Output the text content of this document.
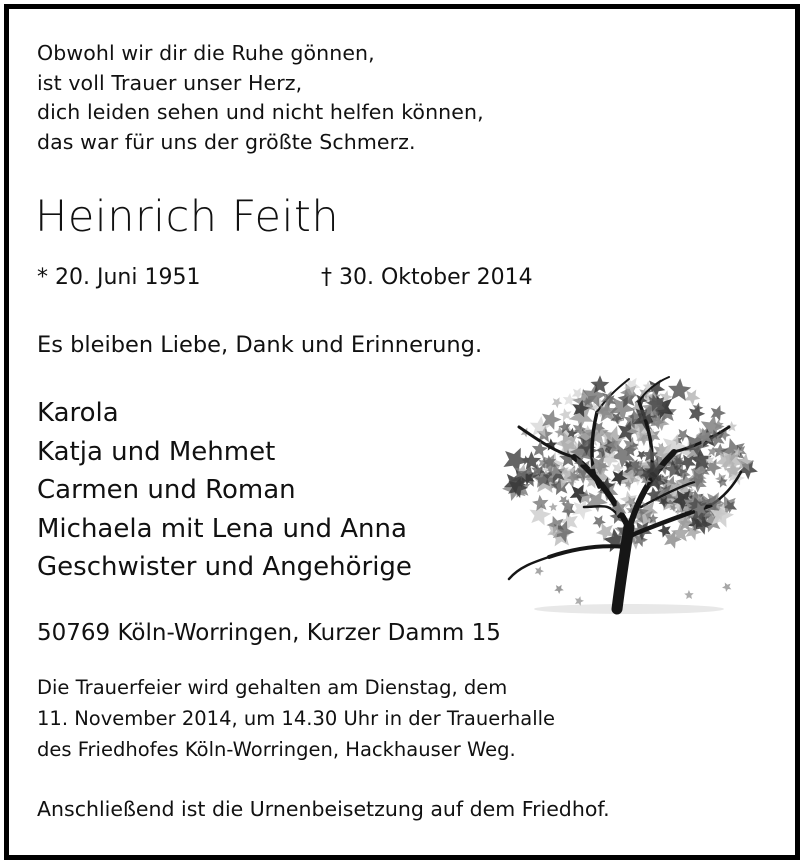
Obwohl wir dir die Ruhe gönnen,
ist voll Trauer unser Herz,
dich leiden sehen und nicht helfen können,
das war für uns der größte Schmerz.
Heinrich Feith
* 20. Juni 1951	† 30. Oktober 2014
Es bleiben Liebe, Dank und Erinnerung.
Karola
Katja und Mehmet
Carmen und Roman
Michaela mit Lena und Anna
Geschwister und Angehörige
50769 Köln-Worringen, Kurzer Damm 15
Die Trauerfeier wird gehalten am Dienstag, dem
11. November 2014, um 14.30 Uhr in der Trauerhalle
des Friedhofes Köln-Worringen, Hackhauser Weg.
Anschließend ist die Urnenbeisetzung auf dem Friedhof.
